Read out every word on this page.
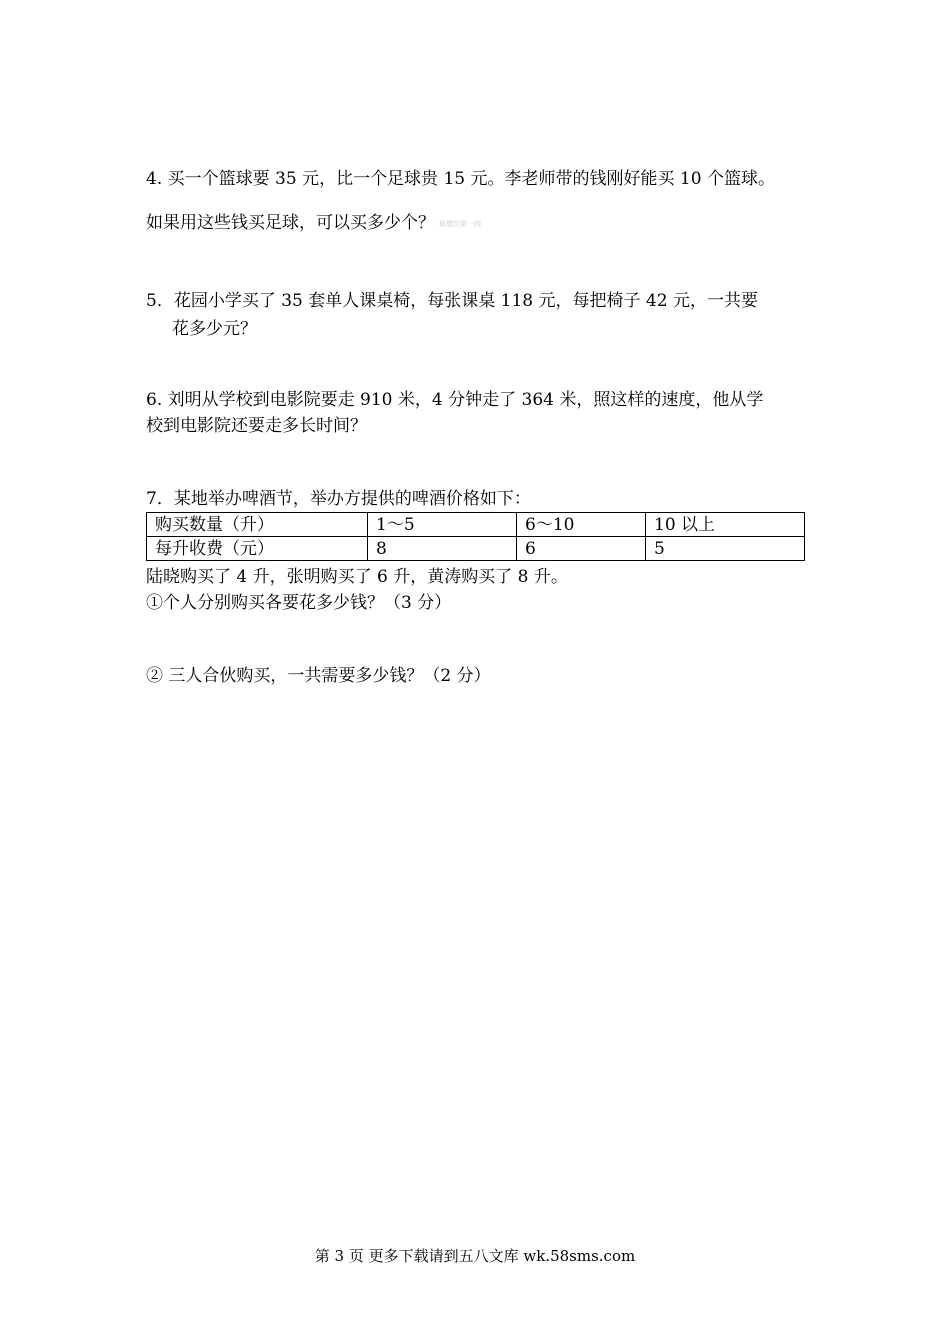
4. 买一个篮球要 35 元，比一个足球贵 15 元。李老师带的钱刚好能买 10 个篮球。
如果用这些钱买足球，可以买多少个？ 载德拉第一网
5．花园小学买了 35 套单人课桌椅，每张课桌 118 元，每把椅子 42 元，一共要
花多少元？
6. 刘明从学校到电影院要走 910 米，4 分钟走了 364 米，照这样的速度，他从学
校到电影院还要走多长时间？
7．某地举办啤酒节，举办方提供的啤酒价格如下：
购买数量（升）	1～5	6～10	10 以上
每升收费（元）	8	6	5
陆晓购买了 4 升，张明购买了 6 升，黄涛购买了 8 升。
①个人分别购买各要花多少钱？（3 分）
② 三人合伙购买，一共需要多少钱？（2 分）
第 3 页 更多下载请到五八文库 wk.58sms.com
